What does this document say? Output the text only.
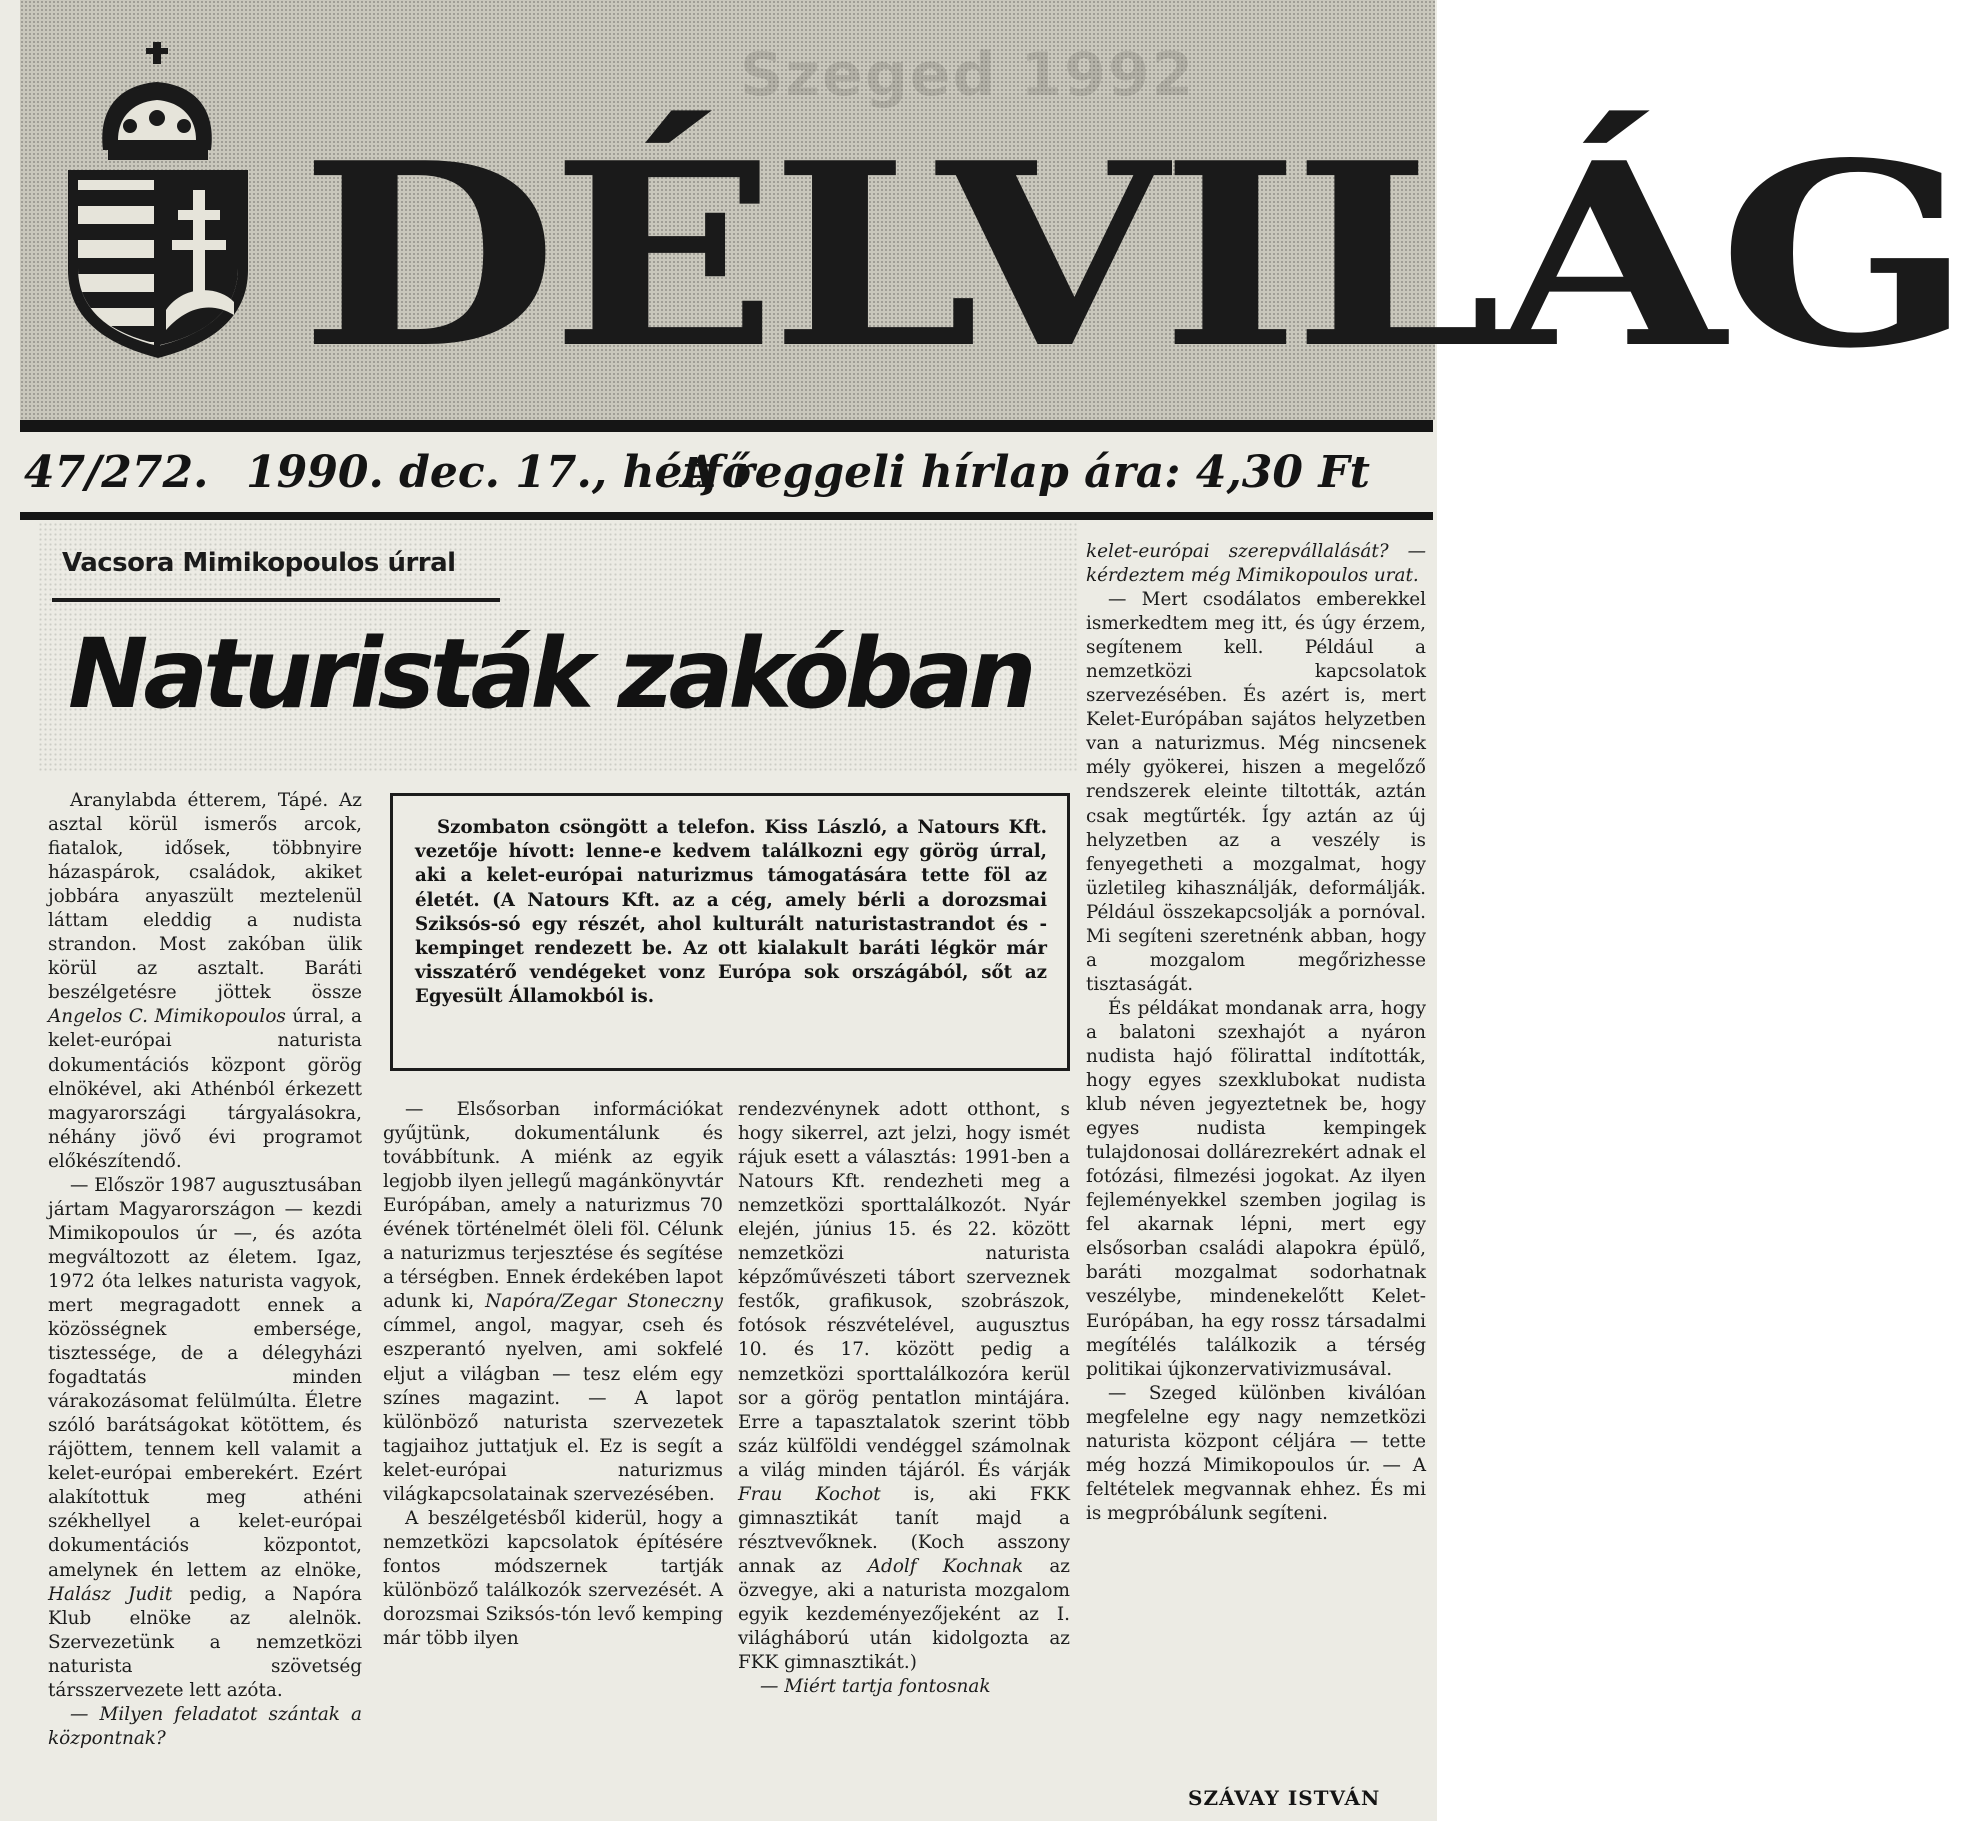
Szeged 1992
DÉLVILÁG
47/272. 1990. dec. 17., hétfő
A reggeli hírlap ára: 4,30 Ft
Vacsora Mimikopoulos úrral
Naturisták zakóban

Szombaton csöngött a telefon. Kiss László, a Natours Kft. vezetője hívott: lenne-e kedvem találkozni egy görög úrral, aki a kelet-európai naturizmus támogatására tette föl az életét. (A Natours Kft. az a cég, amely bérli a dorozsmai Sziksós-só egy részét, ahol kulturált naturistastrandot és -kempinget rendezett be. Az ott kialakult baráti légkör már visszatérő vendégeket vonz Európa sok országából, sőt az Egyesült Államokból is.

Aranylabda étterem, Tápé. Az asztal körül ismerős arcok, fiatalok, idősek, többnyire házaspárok, családok, akiket jobbára anyaszült meztelenül láttam eleddig a nudista strandon. Most zakóban ülik körül az asztalt. Baráti beszélgetésre jöttek össze Angelos C. Mimikopoulos úrral, a kelet-európai naturista dokumentációs központ görög elnökével, aki Athénból érkezett magyarországi tárgyalásokra, néhány jövő évi programot előkészítendő.

— Először 1987 augusztusában jártam Magyarországon — kezdi Mimikopoulos úr —, és azóta megváltozott az életem. Igaz, 1972 óta lelkes naturista vagyok, mert megragadott ennek a közösségnek embersége, tisztessége, de a délegyházi fogadtatás minden várakozásomat felülmúlta. Életre szóló barátságokat kötöttem, és rájöttem, tennem kell valamit a kelet-európai emberekért. Ezért alakítottuk meg athéni székhellyel a kelet-európai dokumentációs központot, amelynek én lettem az elnöke, Halász Judit pedig, a Napóra Klub elnöke az alelnök. Szervezetünk a nemzetközi naturista szövetség társszervezete lett azóta.

— Milyen feladatot szántak a központnak?

— Elsősorban információkat gyűjtünk, dokumentálunk és továbbítunk. A miénk az egyik legjobb ilyen jellegű magánkönyvtár Európában, amely a naturizmus 70 évének történelmét öleli föl. Célunk a naturizmus terjesztése és segítése a térségben. Ennek érdekében lapot adunk ki, Napóra/Zegar Stoneczny címmel, angol, magyar, cseh és eszperantó nyelven, ami sokfelé eljut a világban — tesz elém egy színes magazint. — A lapot különböző naturista szervezetek tagjaihoz juttatjuk el. Ez is segít a kelet-európai naturizmus világkapcsolatainak szervezésében.

A beszélgetésből kiderül, hogy a nemzetközi kapcsolatok építésére fontos módszernek tartják különböző találkozók szervezését. A dorozsmai Sziksós-tón levő kemping már több ilyen

rendezvénynek adott otthont, s hogy sikerrel, azt jelzi, hogy ismét rájuk esett a választás: 1991-ben a Natours Kft. rendezheti meg a nemzetközi sporttalálkozót. Nyár elején, június 15. és 22. között nemzetközi naturista képzőművészeti tábort szerveznek festők, grafikusok, szobrászok, fotósok részvételével, augusztus 10. és 17. között pedig a nemzetközi sporttalálkozóra kerül sor a görög pentatlon mintájára. Erre a tapasztalatok szerint több száz külföldi vendéggel számolnak a világ minden tájáról. És várják Frau Kochot is, aki FKK gimnasztikát tanít majd a résztvevőknek. (Koch asszony annak az Adolf Kochnak az özvegye, aki a naturista mozgalom egyik kezdeményezőjeként az I. világháború után kidolgozta az FKK gimnasztikát.)

— Miért tartja fontosnak

kelet-európai szerepvállalását? — kérdeztem még Mimikopoulos urat.

— Mert csodálatos emberekkel ismerkedtem meg itt, és úgy érzem, segítenem kell. Például a nemzetközi kapcsolatok szervezésében. És azért is, mert Kelet-Európában sajátos helyzetben van a naturizmus. Még nincsenek mély gyökerei, hiszen a megelőző rendszerek eleinte tiltották, aztán csak megtűrték. Így aztán az új helyzetben az a veszély is fenyegetheti a mozgalmat, hogy üzletileg kihasználják, deformálják. Például összekapcsolják a pornóval. Mi segíteni szeretnénk abban, hogy a mozgalom megőrizhesse tisztaságát.

És példákat mondanak arra, hogy a balatoni szexhajót a nyáron nudista hajó fölirattal indították, hogy egyes szexklubokat nudista klub néven jegyeztetnek be, hogy egyes nudista kempingek tulajdonosai dollárezrekért adnak el fotózási, filmezési jogokat. Az ilyen fejleményekkel szemben jogilag is fel akarnak lépni, mert egy elsősorban családi alapokra épülő, baráti mozgalmat sodorhatnak veszélybe, mindenekelőtt Kelet-Európában, ha egy rossz társadalmi megítélés találkozik a térség politikai újkonzervativizmusával.

— Szeged különben kiválóan megfelelne egy nagy nemzetközi naturista központ céljára — tette még hozzá Mimikopoulos úr. — A feltételek megvannak ehhez. És mi is megpróbálunk segíteni.

SZÁVAY ISTVÁN
